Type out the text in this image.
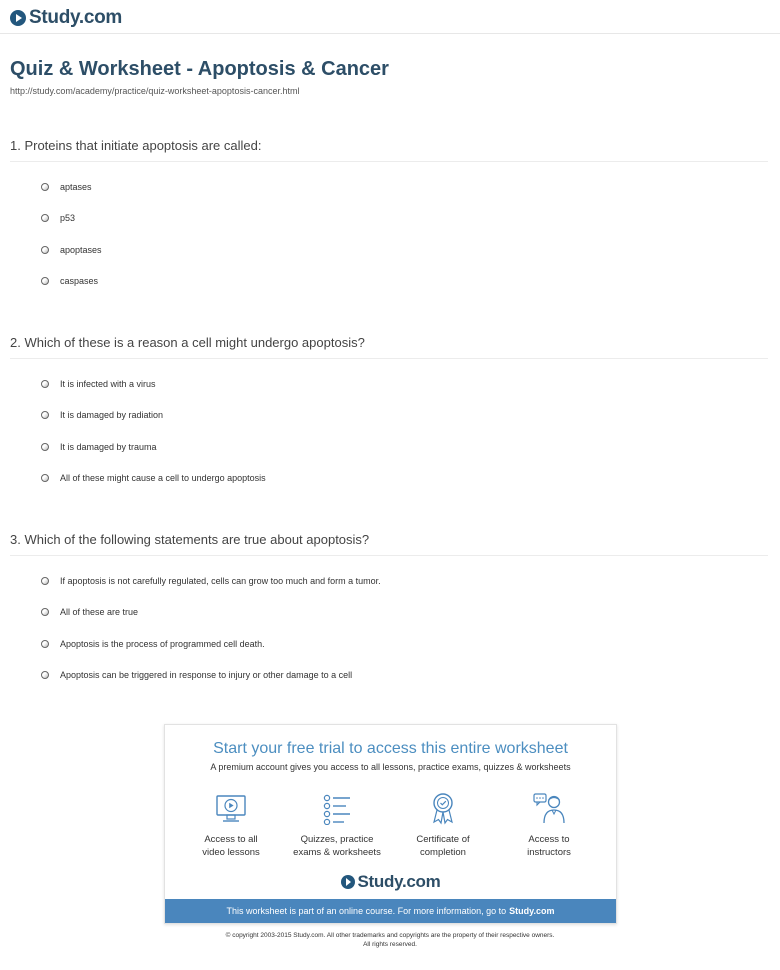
Study.com
Quiz & Worksheet - Apoptosis & Cancer
http://study.com/academy/practice/quiz-worksheet-apoptosis-cancer.html
1. Proteins that initiate apoptosis are called:
aptases
p53
apoptases
caspases
2. Which of these is a reason a cell might undergo apoptosis?
It is infected with a virus
It is damaged by radiation
It is damaged by trauma
All of these might cause a cell to undergo apoptosis
3. Which of the following statements are true about apoptosis?
If apoptosis is not carefully regulated, cells can grow too much and form a tumor.
All of these are true
Apoptosis is the process of programmed cell death.
Apoptosis can be triggered in response to injury or other damage to a cell
Start your free trial to access this entire worksheet
A premium account gives you access to all lessons, practice exams, quizzes & worksheets
Access to all
video lessons
Quizzes, practice
exams & worksheets
Certificate of
completion
Access to
instructors
Study.com
This worksheet is part of an online course. For more information, go to Study.com
© copyright 2003-2015 Study.com. All other trademarks and copyrights are the property of their respective owners.
All rights reserved.
